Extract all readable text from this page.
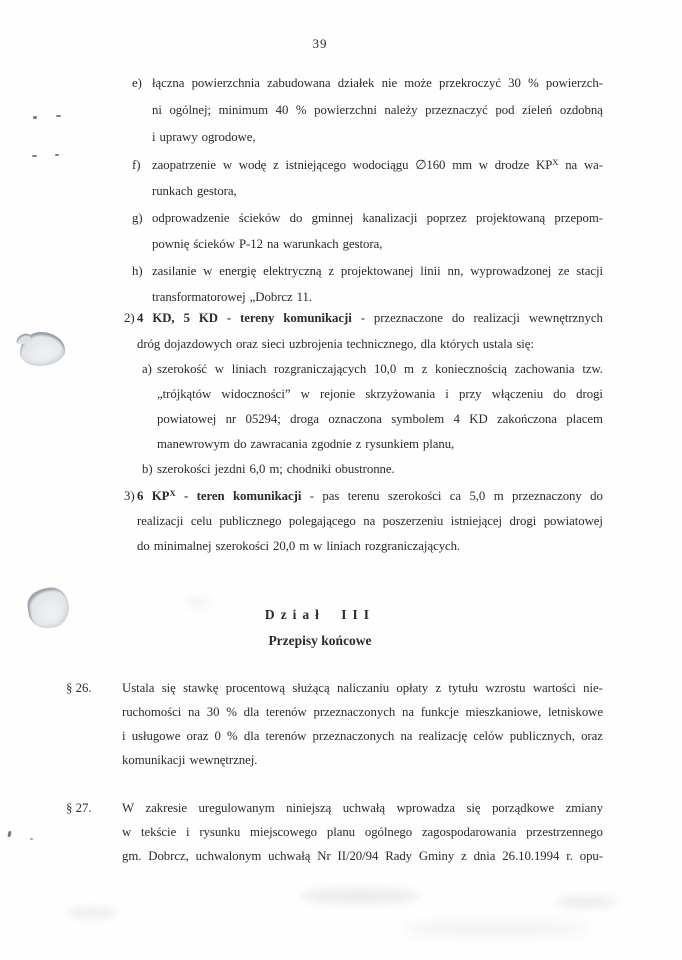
39
e) łączna powierzchnia zabudowana działek nie może przekroczyć 30 % powierzch-
ni ogólnej; minimum 40 % powierzchni należy przeznaczyć pod zieleń ozdobną
i uprawy ogrodowe,
f) zaopatrzenie w wodę z istniejącego wodociągu ∅160 mm w drodze $KP^X$ na wa-
runkach gestora,
g) odprowadzenie ścieków do gminnej kanalizacji poprzez projektowaną przepom-
pownię ścieków P-12 na warunkach gestora,
h) zasilanie w energię elektryczną z projektowanej linii nn, wyprowadzonej ze stacji
transformatorowej „Dobrcz 11.
2) 4 KD, 5 KD - tereny komunikacji - przeznaczone do realizacji wewnętrznych
dróg dojazdowych oraz sieci uzbrojenia technicznego, dla których ustala się:
a) szerokość w liniach rozgraniczających 10,0 m z koniecznością zachowania tzw.
„trójkątów widoczności” w rejonie skrzyżowania i przy włączeniu do drogi
powiatowej nr 05294; droga oznaczona symbolem 4 KD zakończona placem
manewrowym do zawracania zgodnie z rysunkiem planu,
b) szerokości jezdni 6,0 m; chodniki obustronne.
3) 6 $KP^X$ - teren komunikacji - pas terenu szerokości ca 5,0 m przeznaczony do
realizacji celu publicznego polegającego na poszerzeniu istniejącej drogi powiatowej
do minimalnej szerokości 20,0 m w liniach rozgraniczających.
§ 26. Ustala się stawkę procentową służącą naliczaniu opłaty z tytułu wzrostu wartości nie-
ruchomości na 30 % dla terenów przeznaczonych na funkcje mieszkaniowe, letniskowe
i usługowe oraz 0 % dla terenów przeznaczonych na realizację celów publicznych, oraz
komunikacji wewnętrznej.
§ 27. W zakresie uregulowanym niniejszą uchwałą wprowadza się porządkowe zmiany
w tekście i rysunku miejscowego planu ogólnego zagospodarowania przestrzennego
gm. Dobrcz, uchwalonym uchwałą Nr II/20/94 Rady Gminy z dnia 26.10.1994 r. opu-
Dział III
Przepisy końcowe
